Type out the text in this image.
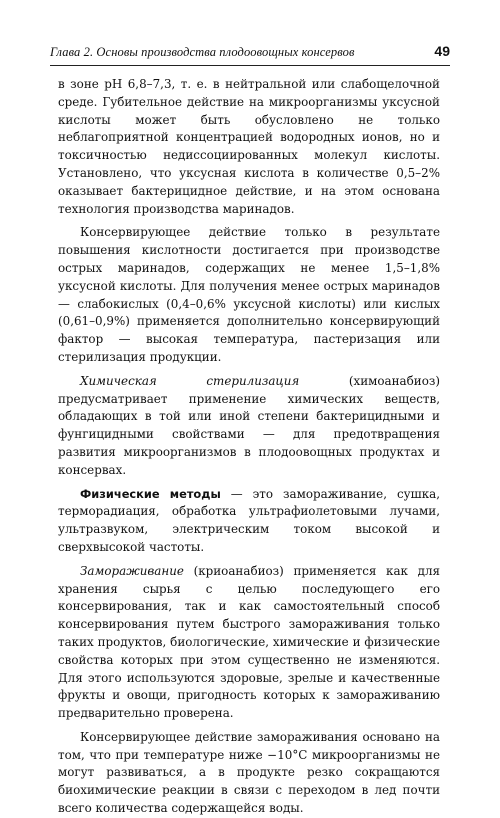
Глава 2. Основы производства плодоовощных консервов	49

в зоне pH 6,8–7,3, т. е. в нейтральной или слабощелочной среде. Губительное действие на микроорганизмы уксусной кислоты может быть обусловлено не только неблагоприятной концентрацией водородных ионов, но и токсичностью недиссоциированных молекул кислоты. Установлено, что уксусная кислота в количестве 0,5–2% оказывает бактерицидное действие, и на этом основана технология производства маринадов.

Консервирующее действие только в результате повышения кислотности достигается при производстве острых маринадов, содержащих не менее 1,5–1,8% уксусной кислоты. Для получения менее острых маринадов — слабокислых (0,4–0,6% уксусной кислоты) или кислых (0,61–0,9%) применяется дополнительно консервирующий фактор — высокая температура, пастеризация или стерилизация продукции.

Химическая стерилизация (химоанабиоз) предусматривает применение химических веществ, обладающих в той или иной степени бактерицидными и фунгицидными свойствами — для предотвращения развития микроорганизмов в плодоовощных продуктах и консервах.

Физические методы — это замораживание, сушка, терморадиация, обработка ультрафиолетовыми лучами, ультразвуком, электрическим током высокой и сверхвысокой частоты.

Замораживание (криоанабиоз) применяется как для хранения сырья с целью последующего его консервирования, так и как самостоятельный способ консервирования путем быстрого замораживания только таких продуктов, биологические, химические и физические свойства которых при этом существенно не изменяются. Для этого используются здоровые, зрелые и качественные фрукты и овощи, пригодность которых к замораживанию предварительно проверена.

Консервирующее действие замораживания основано на том, что при температуре ниже −10°С микроорганизмы не могут развиваться, а в продукте резко сокращаются биохимические реакции в связи с переходом в лед почти всего количества содержащейся воды.
